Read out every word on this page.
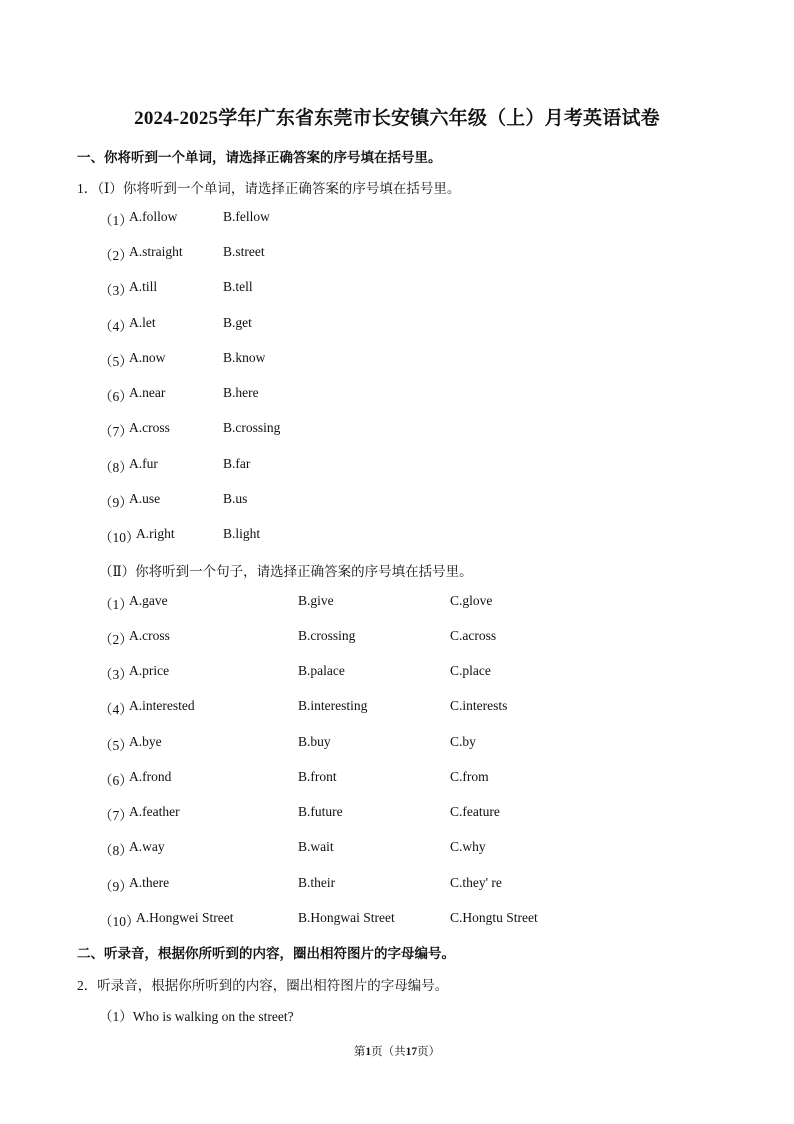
2024-2025学年广东省东莞市长安镇六年级（上）月考英语试卷
一、你将听到一个单词，请选择正确答案的序号填在括号里。
1．（Ⅰ）你将听到一个单词，请选择正确答案的序号填在括号里。
（1）
A.follow	B.fellow
（2）
A.straight	B.street
（3）
A.till	B.tell
（4）
A.let	B.get
（5）
A.now	B.know
（6）
A.near	B.here
（7）
A.cross	B.crossing
（8）
A.fur	B.far
（9）
A.use	B.us
（10）
A.right	B.light
（Ⅱ）你将听到一个句子，请选择正确答案的序号填在括号里。
（1）
A.gave	B.give	C.glove
（2）
A.cross	B.crossing	C.across
（3）
A.price	B.palace	C.place
（4）
A.interested	B.interesting	C.interests
（5）
A.bye	B.buy	C.by
（6）
A.frond	B.front	C.from
（7）
A.feather	B.future	C.feature
（8）
A.way	B.wait	C.why
（9）
A.there	B.their	C.they' re
（10）
A.Hongwei Street	B.Hongwai Street	C.Hongtu Street
二、听录音，根据你所听到的内容，圈出相符图片的字母编号。
2．听录音，根据你所听到的内容，圈出相符图片的字母编号。
（1）Who is walking on the street?
第1页（共17页）
